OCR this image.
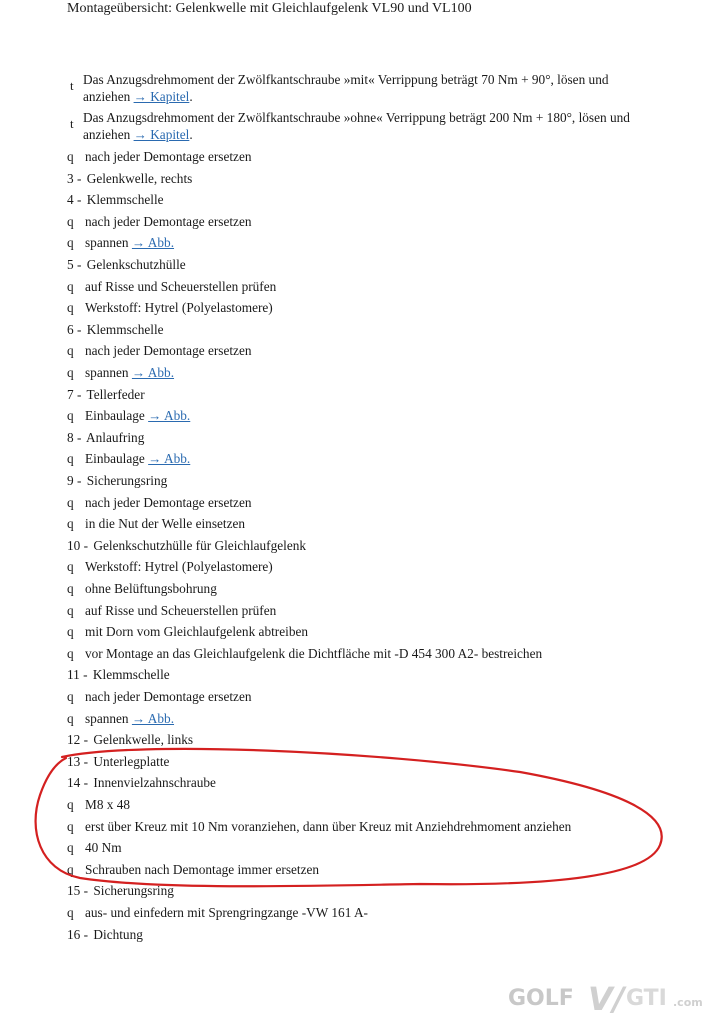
Montageübersicht: Gelenkwelle mit Gleichlaufgelenk VL90 und VL100
t Das Anzugsdrehmoment der Zwölfkantschraube »mit« Verrippung beträgt 70 Nm + 90°, lösen und anziehen → Kapitel.
t Das Anzugsdrehmoment der Zwölfkantschraube »ohne« Verrippung beträgt 200 Nm + 180°, lösen und anziehen → Kapitel.
q nach jeder Demontage ersetzen
3 - Gelenkwelle, rechts
4 - Klemmschelle
q nach jeder Demontage ersetzen
q spannen → Abb.
5 - Gelenkschutzhülle
q auf Risse und Scheuerstellen prüfen
q Werkstoff: Hytrel (Polyelastomere)
6 - Klemmschelle
q nach jeder Demontage ersetzen
q spannen → Abb.
7 - Tellerfeder
q Einbaulage → Abb.
8 - Anlaufring
q Einbaulage → Abb.
9 - Sicherungsring
q nach jeder Demontage ersetzen
q in die Nut der Welle einsetzen
10 - Gelenkschutzhülle für Gleichlaufgelenk
q Werkstoff: Hytrel (Polyelastomere)
q ohne Belüftungsbohrung
q auf Risse und Scheuerstellen prüfen
q mit Dorn vom Gleichlaufgelenk abtreiben
q vor Montage an das Gleichlaufgelenk die Dichtfläche mit -D 454 300 A2- bestreichen
11 - Klemmschelle
q nach jeder Demontage ersetzen
q spannen → Abb.
12 - Gelenkwelle, links
13 - Unterlegplatte
14 - Innenvielzahnschraube
q M8 x 48
q erst über Kreuz mit 10 Nm voranziehen, dann über Kreuz mit Anziehdrehmoment anziehen
q 40 Nm
q Schrauben nach Demontage immer ersetzen
15 - Sicherungsring
q aus- und einfedern mit Sprengringzange -VW 161 A-
16 - Dichtung
GOLF V/ GTI .com
